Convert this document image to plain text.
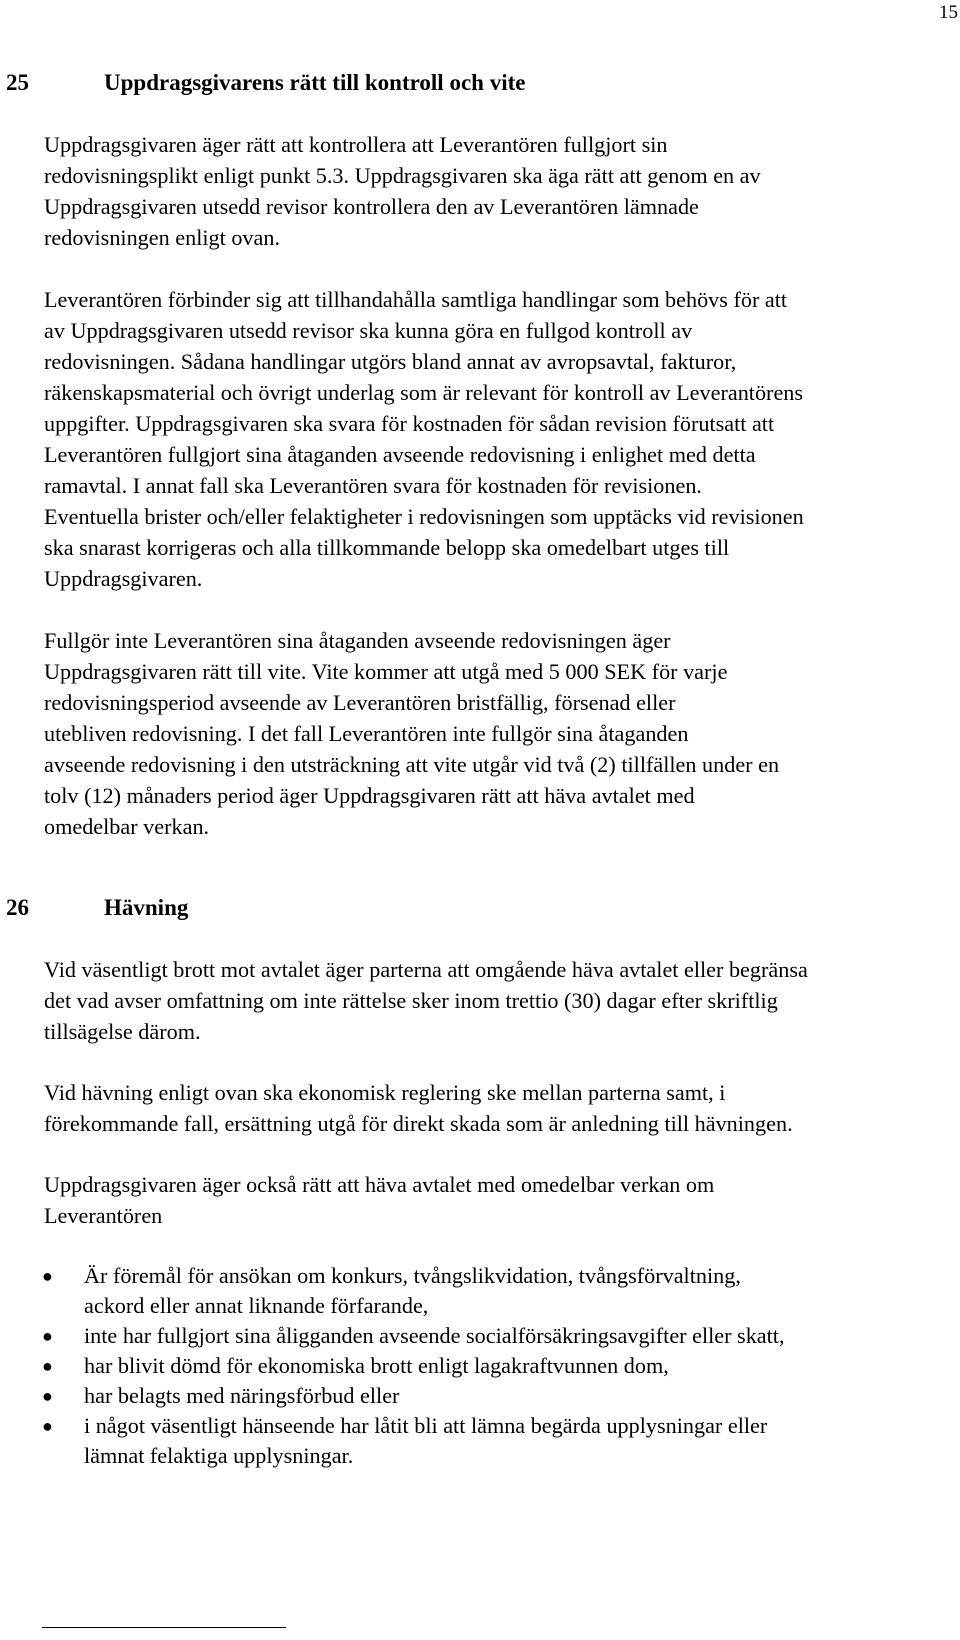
15
25	Uppdragsgivarens rätt till kontroll och vite

Uppdragsgivaren äger rätt att kontrollera att Leverantören fullgjort sin
redovisningsplikt enligt punkt 5.3. Uppdragsgivaren ska äga rätt att genom en av
Uppdragsgivaren utsedd revisor kontrollera den av Leverantören lämnade
redovisningen enligt ovan.

Leverantören förbinder sig att tillhandahålla samtliga handlingar som behövs för att
av Uppdragsgivaren utsedd revisor ska kunna göra en fullgod kontroll av
redovisningen. Sådana handlingar utgörs bland annat av avropsavtal, fakturor,
räkenskapsmaterial och övrigt underlag som är relevant för kontroll av Leverantörens
uppgifter. Uppdragsgivaren ska svara för kostnaden för sådan revision förutsatt att
Leverantören fullgjort sina åtaganden avseende redovisning i enlighet med detta
ramavtal. I annat fall ska Leverantören svara för kostnaden för revisionen.
Eventuella brister och/eller felaktigheter i redovisningen som upptäcks vid revisionen
ska snarast korrigeras och alla tillkommande belopp ska omedelbart utges till
Uppdragsgivaren.

Fullgör inte Leverantören sina åtaganden avseende redovisningen äger
Uppdragsgivaren rätt till vite. Vite kommer att utgå med 5 000 SEK för varje
redovisningsperiod avseende av Leverantören bristfällig, försenad eller
utebliven redovisning. I det fall Leverantören inte fullgör sina åtaganden
avseende redovisning i den utsträckning att vite utgår vid två (2) tillfällen under en
tolv (12) månaders period äger Uppdragsgivaren rätt att häva avtalet med
omedelbar verkan.

26	Hävning

Vid väsentligt brott mot avtalet äger parterna att omgående häva avtalet eller begränsa
det vad avser omfattning om inte rättelse sker inom trettio (30) dagar efter skriftlig
tillsägelse därom.

Vid hävning enligt ovan ska ekonomisk reglering ske mellan parterna samt, i
förekommande fall, ersättning utgå för direkt skada som är anledning till hävningen.

Uppdragsgivaren äger också rätt att häva avtalet med omedelbar verkan om
Leverantören

● Är föremål för ansökan om konkurs, tvångslikvidation, tvångsförvaltning,
ackord eller annat liknande förfarande,
● inte har fullgjort sina åligganden avseende socialförsäkringsavgifter eller skatt,
● har blivit dömd för ekonomiska brott enligt lagakraftvunnen dom,
● har belagts med näringsförbud eller
● i något väsentligt hänseende har låtit bli att lämna begärda upplysningar eller
lämnat felaktiga upplysningar.
